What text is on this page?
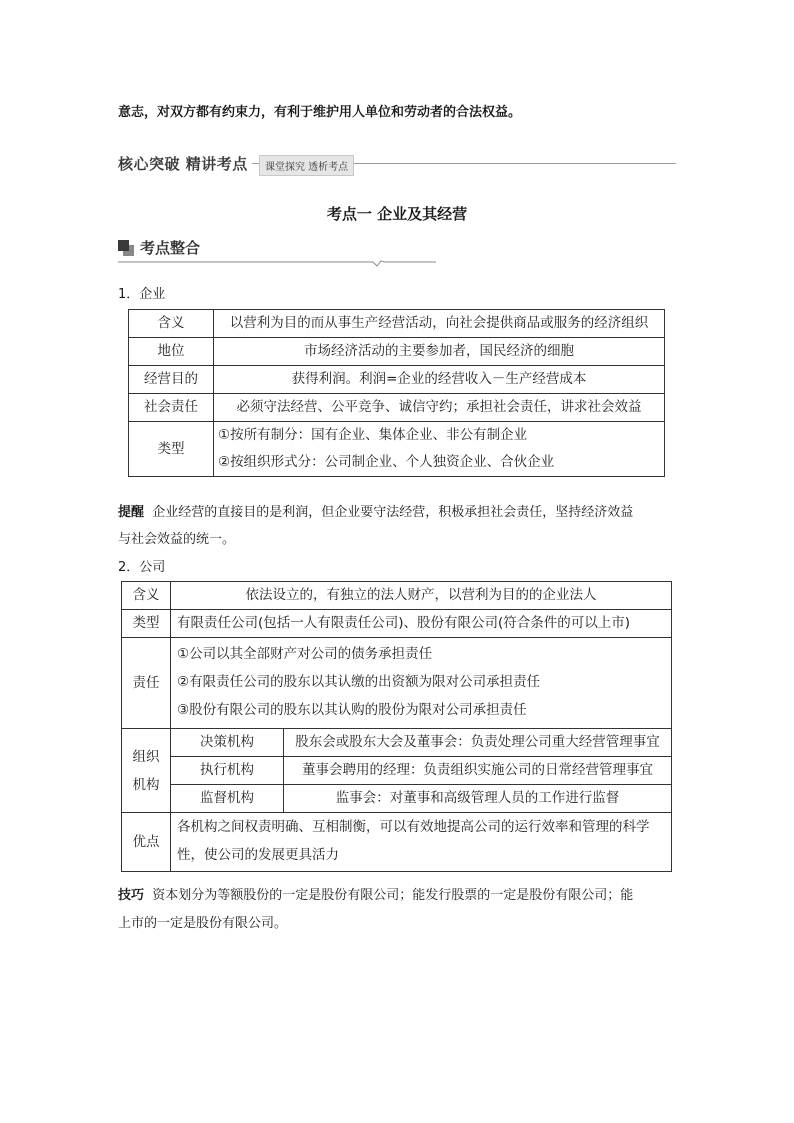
意志，对双方都有约束力，有利于维护用人单位和劳动者的合法权益。
核心突破 精讲考点	课堂探究 透析考点
考点一 企业及其经营
考点整合
1．企业
含义	以营利为目的而从事生产经营活动，向社会提供商品或服务的经济组织
地位	市场经济活动的主要参加者，国民经济的细胞
经营目的	获得利润。利润=企业的经营收入－生产经营成本
社会责任	必须守法经营、公平竞争、诚信守约；承担社会责任，讲求社会效益
类型	①按所有制分：国有企业、集体企业、非公有制企业
②按组织形式分：公司制企业、个人独资企业、合伙企业
提醒 企业经营的直接目的是利润，但企业要守法经营，积极承担社会责任，坚持经济效益
与社会效益的统一。
2．公司
含义	依法设立的，有独立的法人财产，以营利为目的的企业法人	
类型	有限责任公司(包括一人有限责任公司)、股份有限公司(符合条件的可以上市)	
责任	①公司以其全部财产对公司的债务承担责任
②有限责任公司的股东以其认缴的出资额为限对公司承担责任
③股份有限公司的股东以其认购的股份为限对公司承担责任	

组织
机构	决策机构	股东会或股东大会及董事会：负责处理公司重大经营管理事宜
	执行机构	董事会聘用的经理：负责组织实施公司的日常经营管理事宜
	监督机构	监事会：对董事和高级管理人员的工作进行监督
优点	各机构之间权责明确、互相制衡，可以有效地提高公司的运行效率和管理的科学
性，使公司的发展更具活力	
技巧 资本划分为等额股份的一定是股份有限公司；能发行股票的一定是股份有限公司；能
上市的一定是股份有限公司。
